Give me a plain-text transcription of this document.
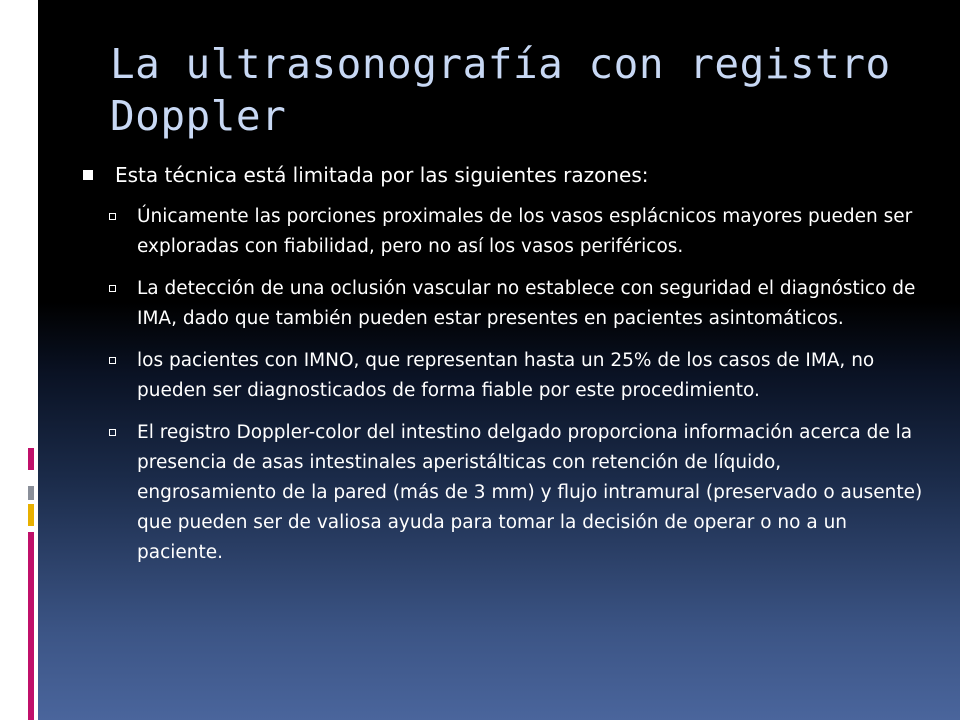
La ultrasonografía con registro Doppler
Esta técnica está limitada por las siguientes razones:
Únicamente las porciones proximales de los vasos esplácnicos mayores pueden ser exploradas con fiabilidad, pero no así los vasos periféricos.
La detección de una oclusión vascular no establece con seguridad el diagnóstico de IMA, dado que también pueden estar presentes en pacientes asintomáticos.
los pacientes con IMNO, que representan hasta un 25% de los casos de IMA, no pueden ser diagnosticados de forma fiable por este procedimiento.
El registro Doppler-color del intestino delgado proporciona información acerca de la presencia de asas intestinales aperistálticas con retención de líquido, engrosamiento de la pared (más de 3 mm) y flujo intramural (preservado o ausente) que pueden ser de valiosa ayuda para tomar la decisión de operar o no a un paciente.
